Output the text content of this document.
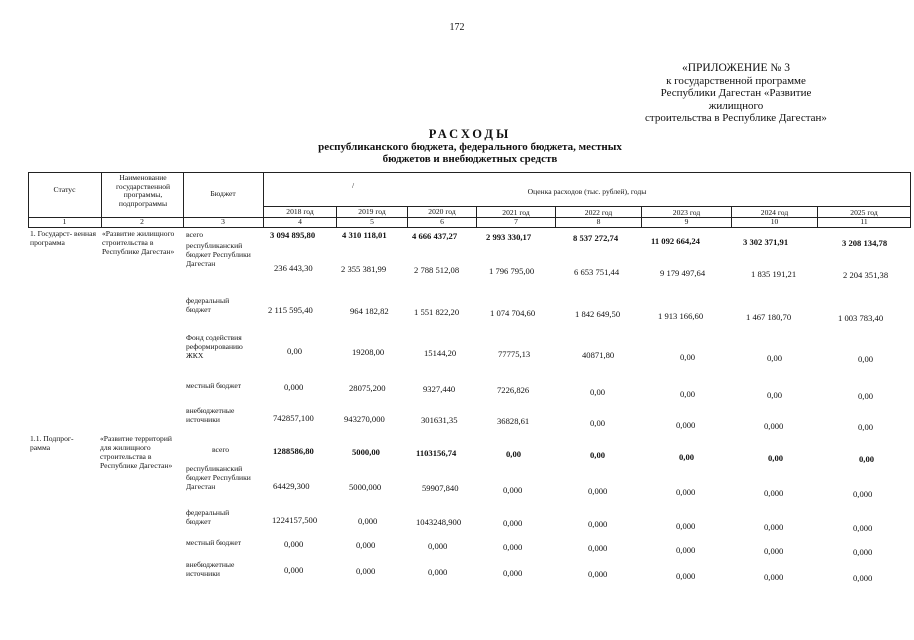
172
«ПРИЛОЖЕНИЕ № 3
к государственной программе
Республики Дагестан «Развитие жилищного
строительства в Республике Дагестан»
РАСХОДЫ
республиканского бюджета, федерального бюджета, местных
бюджетов и внебюджетных средств
Статус
Наименование государственной программы, подпрограммы
Бюджет
/
Оценка расходов (тыс. рублей), годы
2018 год	2019 год	2020 год	2021 год	2022 год	2023 год	2024 год	2025 год
1	2	3	4	5	6	7	8	9	10	11
1. Государст- венная программа
«Развитие жилищного строительства в Республике Дагестан»
всего	3 094 895,80	4 310 118,01	4 666 437,27	2 993 330,17	8 537 272,74	11 092 664,24	3 302 371,91	3 208 134,78
республиканский бюджет Республики Дагестан	236 443,30	2 355 381,99	2 788 512,08	1 796 795,00	6 653 751,44	9 179 497,64	1 835 191,21	2 204 351,38
федеральный бюджет	2 115 595,40	964 182,82	1 551 822,20	1 074 704,60	1 842 649,50	1 913 166,60	1 467 180,70	1 003 783,40
Фонд содействия реформированию ЖКХ	0,00	19208,00	15144,20	77775,13	40871,80	0,00	0,00	0,00
местный бюджет	0,000	28075,200	9327,440	7226,826	0,00	0,00	0,00	0,00
внебюджетные источники	742857,100	943270,000	301631,35	36828,61	0,00	0,000	0,000	0,00
1.1. Подпрог- рамма
«Развитие территорий для жилищного строительства в Республике Дагестан»
всего	1288586,80	5000,00	1103156,74	0,00	0,00	0,00	0,00	0,00
республиканский бюджет Республики Дагестан	64429,300	5000,000	59907,840	0,000	0,000	0,000	0,000	0,000
федеральный бюджет	1224157,500	0,000	1043248,900	0,000	0,000	0,000	0,000	0,000
местный бюджет	0,000	0,000	0,000	0,000	0,000	0,000	0,000	0,000
внебюджетные источники	0,000	0,000	0,000	0,000	0,000	0,000	0,000	0,000
